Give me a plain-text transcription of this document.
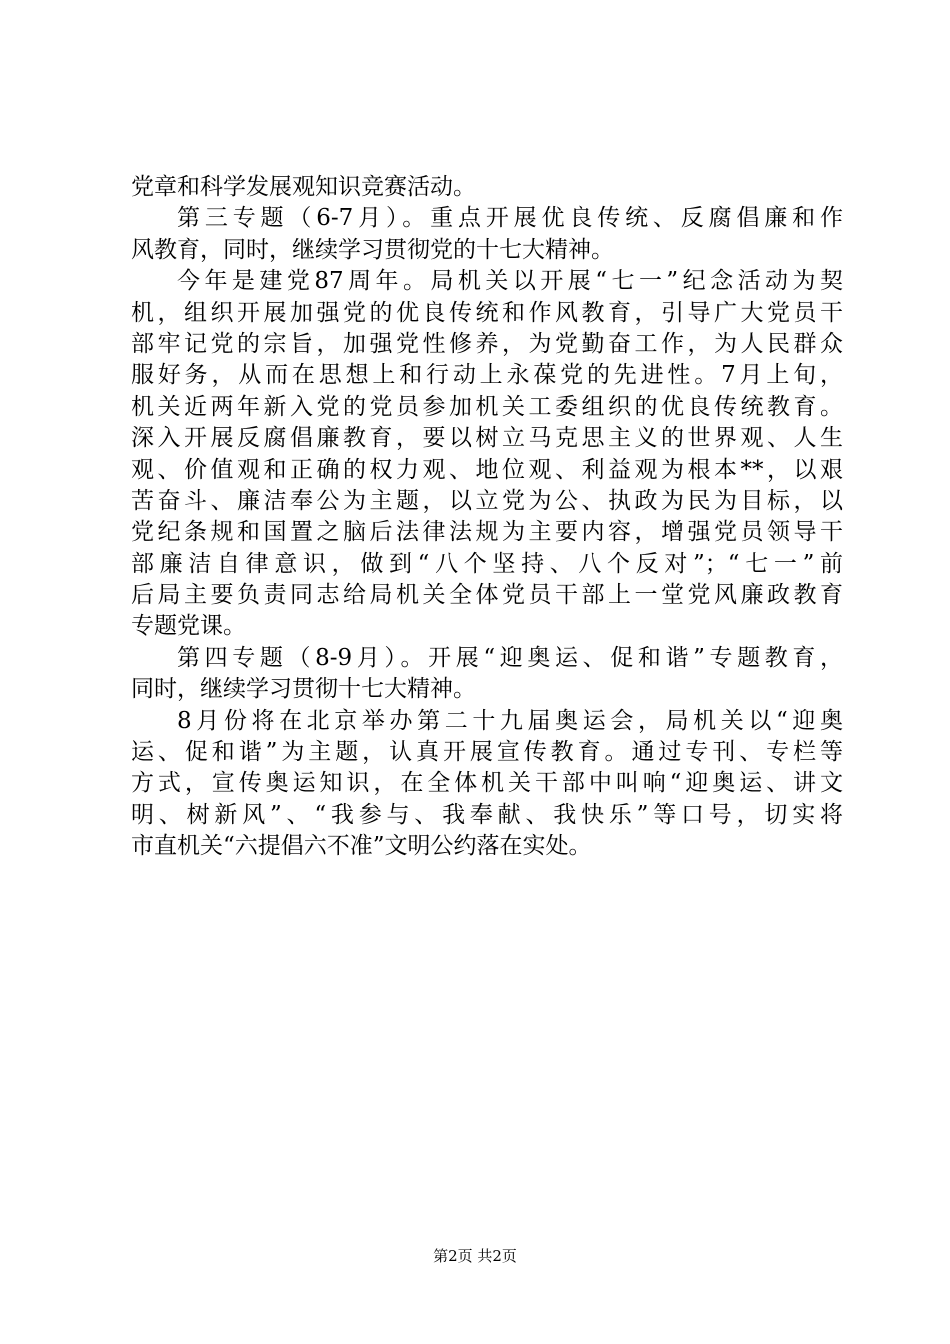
党章和科学发展观知识竞赛活动。
第三专题（6-7月）。重点开展优良传统、反腐倡廉和作
风教育，同时，继续学习贯彻党的十七大精神。
今年是建党87周年。局机关以开展“七一”纪念活动为契
机，组织开展加强党的优良传统和作风教育，引导广大党员干
部牢记党的宗旨，加强党性修养，为党勤奋工作，为人民群众
服好务，从而在思想上和行动上永葆党的先进性。7月上旬，
机关近两年新入党的党员参加机关工委组织的优良传统教育。
深入开展反腐倡廉教育，要以树立马克思主义的世界观、人生
观、价值观和正确的权力观、地位观、利益观为根本**，以艰
苦奋斗、廉洁奉公为主题，以立党为公、执政为民为目标，以
党纪条规和国置之脑后法律法规为主要内容，增强党员领导干
部廉洁自律意识，做到“八个坚持、八个反对”；“七一”前
后局主要负责同志给局机关全体党员干部上一堂党风廉政教育
专题党课。
第四专题（8-9月）。开展“迎奥运、促和谐”专题教育，
同时，继续学习贯彻十七大精神。
8月份将在北京举办第二十九届奥运会，局机关以“迎奥
运、促和谐”为主题，认真开展宣传教育。通过专刊、专栏等
方式，宣传奥运知识，在全体机关干部中叫响“迎奥运、讲文
明、树新风”、“我参与、我奉献、我快乐”等口号，切实将
市直机关“六提倡六不准”文明公约落在实处。
第2页 共2页
